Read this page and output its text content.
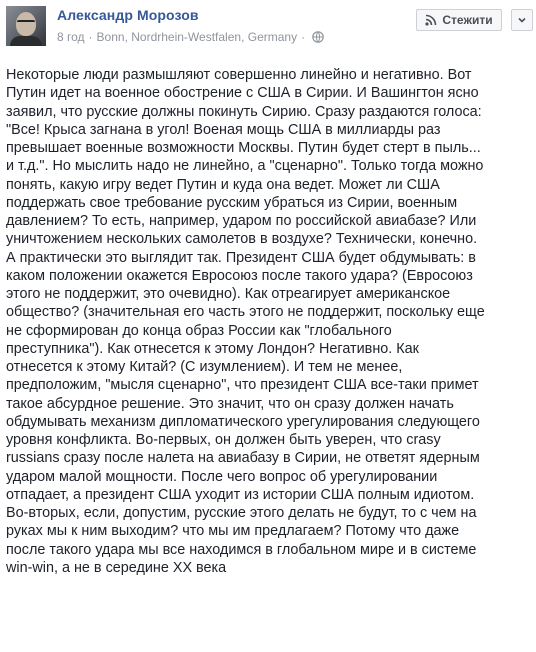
Александр Морозов
8 год · Bonn, Nordrhein-Westfalen, Germany ·
Стежити
Некоторые люди размышляют совершенно линейно и негативно. Вот
Путин идет на военное обострение с США в Сирии. И Вашингтон ясно
заявил, что русские должны покинуть Сирию. Сразу раздаются голоса:
"Все! Крыса загнана в угол! Военая мощь США в миллиарды раз
превышает военные возможности Москвы. Путин будет стерт в пыль...
и т.д.". Но мыслить надо не линейно, а "сценарно". Только тогда можно
понять, какую игру ведет Путин и куда она ведет. Может ли США
поддержать свое требование русским убраться из Сирии, военным
давлением? То есть, например, ударом по российской авиабазе? Или
уничтожением нескольких самолетов в воздухе? Технически, конечно.
А практически это выглядит так. Президент США будет обдумывать: в
каком положении окажется Евросоюз после такого удара? (Евросоюз
этого не поддержит, это очевидно). Как отреагирует американское
общество? (значительная его часть этого не поддержит, поскольку еще
не сформирован до конца образ России как "глобального
преступника"). Как отнесется к этому Лондон? Негативно. Как
отнесется к этому Китай? (С изумлением). И тем не менее,
предположим, "мысля сценарно", что президент США все-таки примет
такое абсурдное решение. Это значит, что он сразу должен начать
обдумывать механизм дипломатического урегулирования следующего
уровня конфликта. Во-первых, он должен быть уверен, что crasy
russians сразу после налета на авиабазу в Сирии, не ответят ядерным
ударом малой мощности. После чего вопрос об урегулировании
отпадает, а президент США уходит из истории США полным идиотом.
Во-вторых, если, допустим, русские этого делать не будут, то с чем на
руках мы к ним выходим? что мы им предлагаем? Потому что даже
после такого удара мы все находимся в глобальном мире и в системе
win-win, а не в середине XX века
